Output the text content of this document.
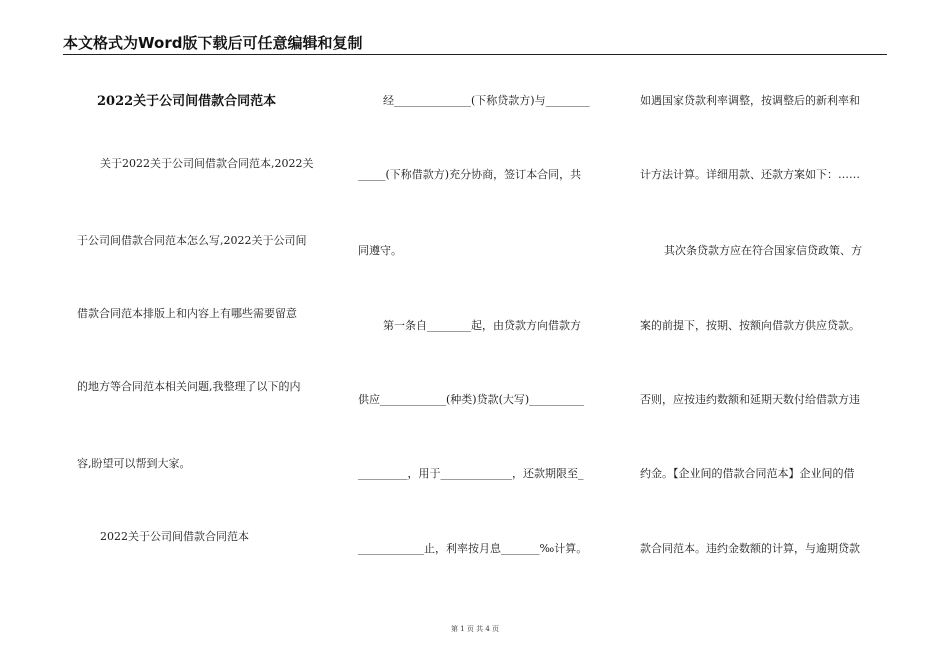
本文格式为Word版下载后可任意编辑和复制
2022关于公司间借款合同范本
关于2022关于公司间借款合同范本,2022关
于公司间借款合同范本怎么写,2022关于公司间
借款合同范本排版上和内容上有哪些需要留意
的地方等合同范本相关问题,我整理了以下的内
容,盼望可以帮到大家。
2022关于公司间借款合同范本
经______________(下称贷款方)与________
_____(下称借款方)充分协商，签订本合同，共
同遵守。
第一条自________起，由贷款方向借款方
供应____________(种类)贷款(大写)__________
_________，用于_____________，还款期限至_
____________止，利率按月息_______‰计算。
如遇国家贷款利率调整，按调整后的新利率和
计方法计算。详细用款、还款方案如下：……
其次条贷款方应在符合国家信贷政策、方
案的前提下，按期、按额向借款方供应贷款。
否则，应按违约数额和延期天数付给借款方违
约金。【企业间的借款合同范本】企业间的借
款合同范本。违约金数额的计算，与逾期贷款
第 1 页 共 4 页
